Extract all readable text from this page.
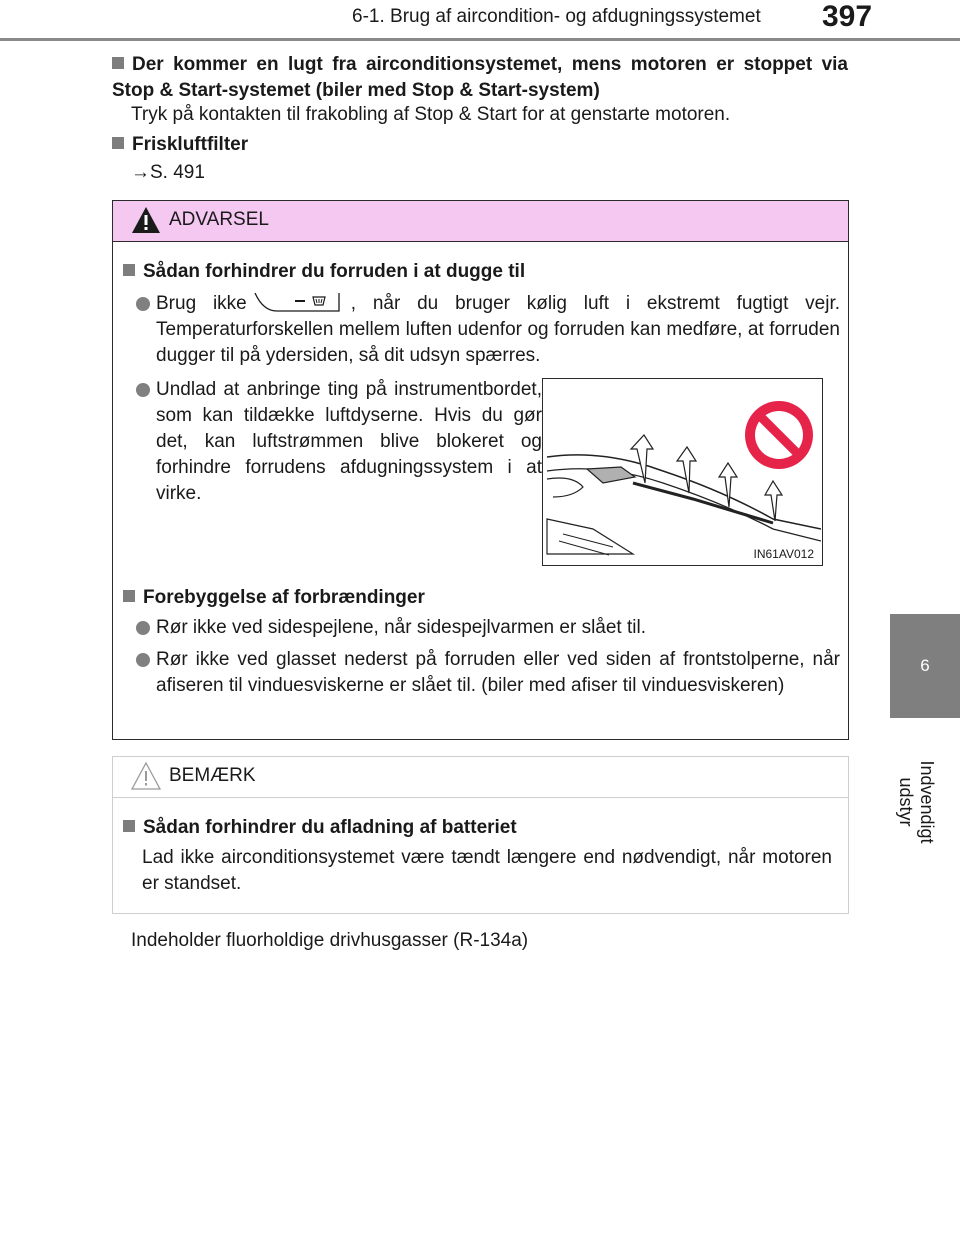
6-1. Brug af aircondition- og afdugningssystemet 397
6
Indvendigt udstyr
Der kommer en lugt fra airconditionsystemet, mens motoren er stoppet via Stop & Start-systemet (biler med Stop & Start-system)
Tryk på kontakten til frakobling af Stop & Start for at genstarte motoren.
Friskluftfilter
→S. 491
ADVARSEL
Sådan forhindrer du forruden i at dugge til
Brug ikke	, når du bruger kølig luft i ekstremt fugtigt vejr. Temperaturforskellen mellem luften udenfor og forruden kan medføre, at forruden dugger til på ydersiden, så dit udsyn spærres.
Undlad at anbringe ting på instrumentbordet, som kan tildække luftdyserne. Hvis du gør det, kan luftstrømmen blive blokeret og forhindre forrudens afdugningssystem i at virke.
Forebyggelse af forbrændinger
Rør ikke ved sidespejlene, når sidespejlvarmen er slået til.
Rør ikke ved glasset nederst på forruden eller ved siden af frontstolperne, når afiseren til vinduesviskerne er slået til. (biler med afiser til vinduesviskeren)
IN61AV012
BEMÆRK
Sådan forhindrer du afladning af batteriet
Lad ikke airconditionsystemet være tændt længere end nødvendigt, når motoren er standset.
Indeholder fluorholdige drivhusgasser (R-134a)
